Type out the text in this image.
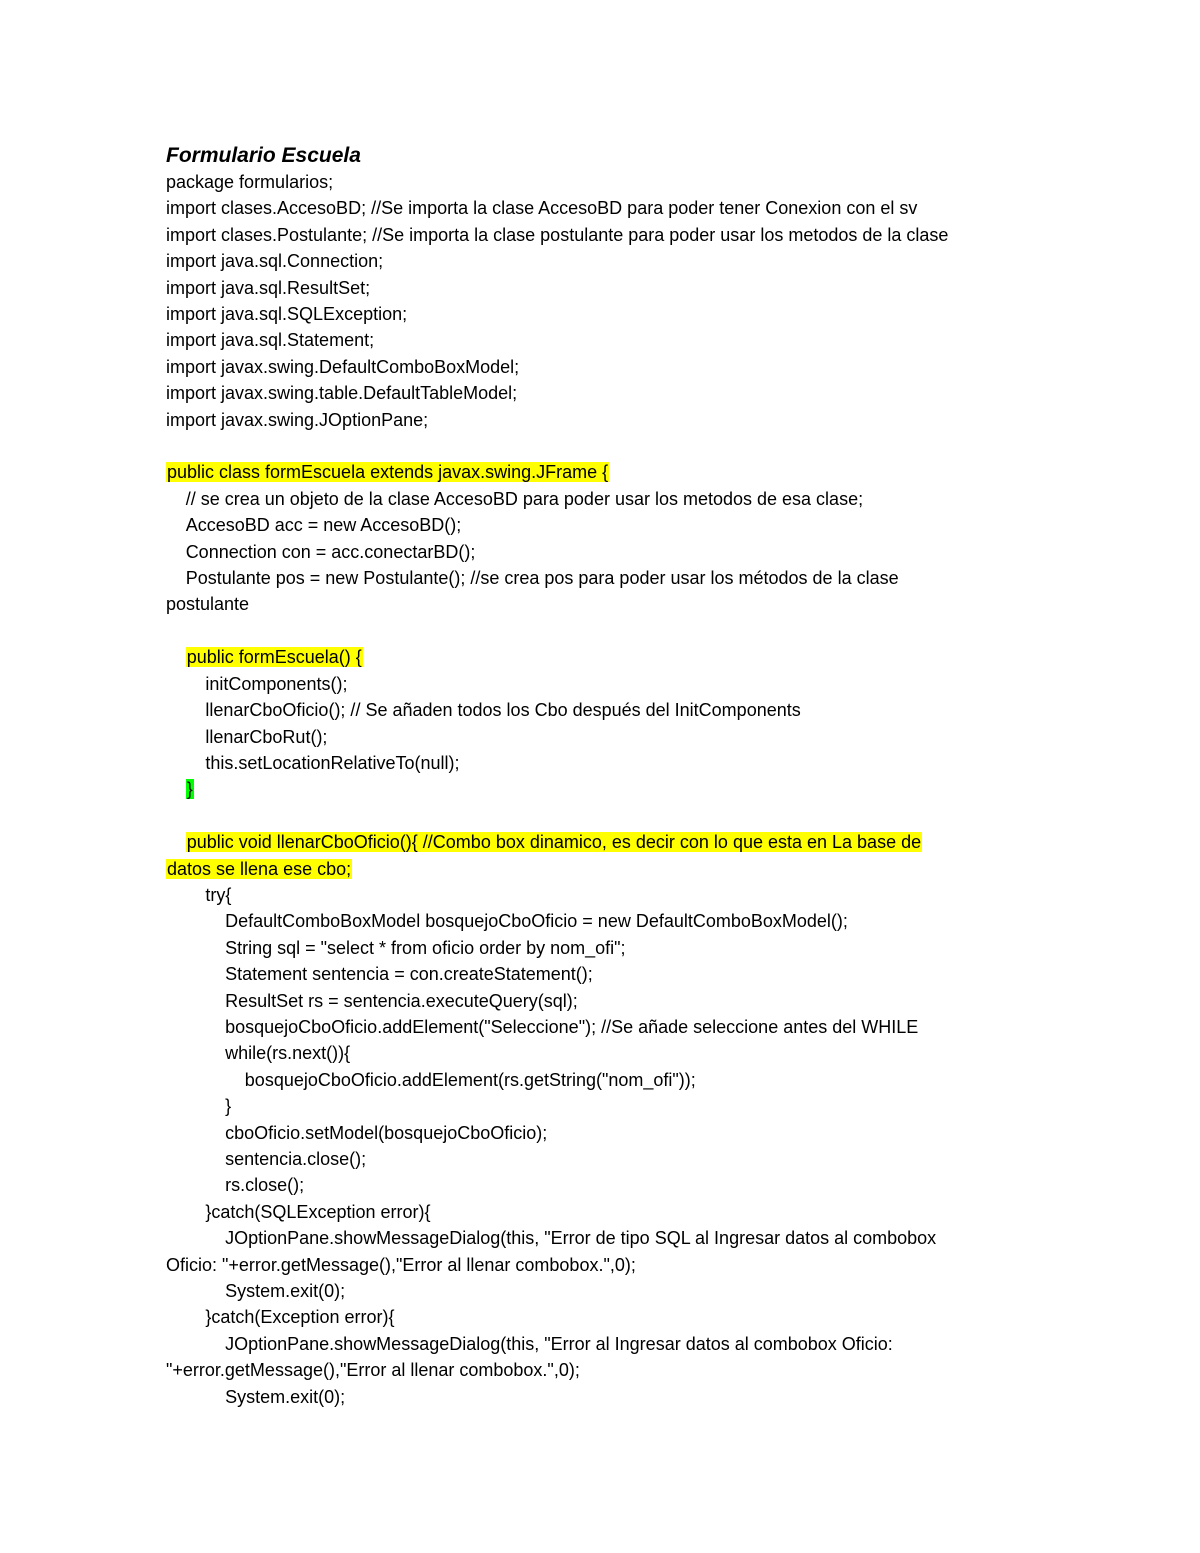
Formulario Escuela
package formularios;
import clases.AccesoBD; //Se importa la clase AccesoBD para poder tener Conexion con el sv
import clases.Postulante; //Se importa la clase postulante para poder usar los metodos de la clase
import java.sql.Connection;
import java.sql.ResultSet;
import java.sql.SQLException;
import java.sql.Statement;
import javax.swing.DefaultComboBoxModel;
import javax.swing.table.DefaultTableModel;
import javax.swing.JOptionPane;
public class formEscuela extends javax.swing.JFrame {
// se crea un objeto de la clase AccesoBD para poder usar los metodos de esa clase;
AccesoBD acc = new AccesoBD();
Connection con = acc.conectarBD();
Postulante pos = new Postulante(); //se crea pos para poder usar los métodos de la clase
postulante
public formEscuela() {
initComponents();
llenarCboOficio(); // Se añaden todos los Cbo después del InitComponents
llenarCboRut();
this.setLocationRelativeTo(null);
}
public void llenarCboOficio(){ //Combo box dinamico, es decir con lo que esta en La base de
datos se llena ese cbo;
try{
DefaultComboBoxModel bosquejoCboOficio = new DefaultComboBoxModel();
String sql = "select * from oficio order by nom_ofi";
Statement sentencia = con.createStatement();
ResultSet rs = sentencia.executeQuery(sql);
bosquejoCboOficio.addElement("Seleccione"); //Se añade seleccione antes del WHILE
while(rs.next()){
bosquejoCboOficio.addElement(rs.getString("nom_ofi"));
}
cboOficio.setModel(bosquejoCboOficio);
sentencia.close();
rs.close();
}catch(SQLException error){
JOptionPane.showMessageDialog(this, "Error de tipo SQL al Ingresar datos al combobox
Oficio: "+error.getMessage(),"Error al llenar combobox.",0);
System.exit(0);
}catch(Exception error){
JOptionPane.showMessageDialog(this, "Error al Ingresar datos al combobox Oficio:
"+error.getMessage(),"Error al llenar combobox.",0);
System.exit(0);
